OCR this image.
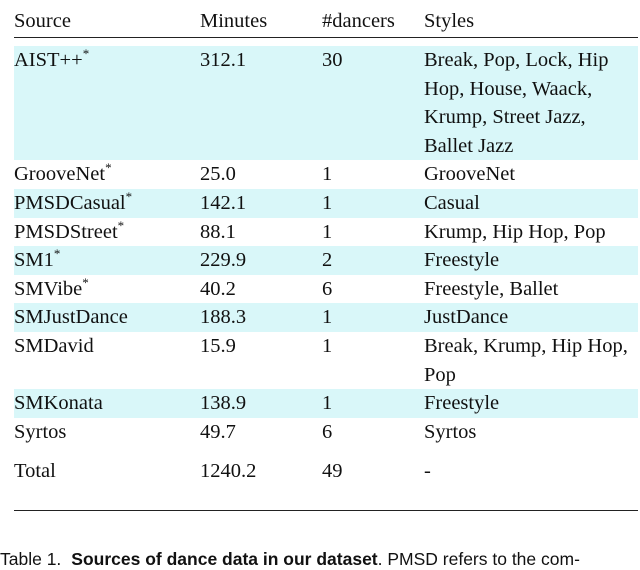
Source	Minutes	#dancers	Styles

AIST++*	312.1	30	Break, Pop, Lock, Hip Hop, House, Waack, Krump, Street Jazz, Ballet Jazz
GrooveNet*	25.0	1	GrooveNet
PMSDCasual*	142.1	1	Casual
PMSDStreet*	88.1	1	Krump, Hip Hop, Pop
SM1*	229.9	2	Freestyle
SMVibe*	40.2	6	Freestyle, Ballet
SMJustDance	188.3	1	JustDance
SMDavid	15.9	1	Break, Krump, Hip Hop, Pop
SMKonata	138.9	1	Freestyle
Syrtos	49.7	6	Syrtos

Total	1240.2	49	-
Table 1. Sources of dance data in our dataset. PMSD refers to the com-
